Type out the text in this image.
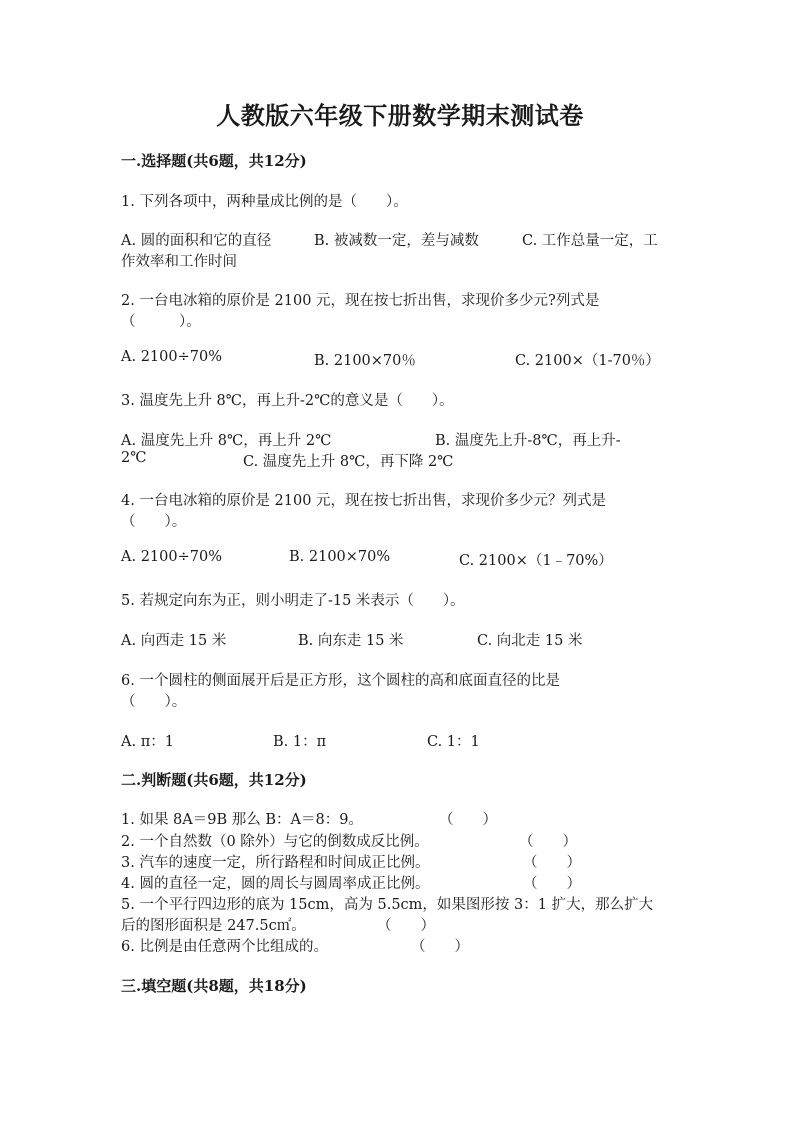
人教版六年级下册数学期末测试卷
一.选择题(共6题，共12分)
1. 下列各项中，两种量成比例的是（　　）。
A. 圆的面积和它的直径	B. 被减数一定，差与减数	C. 工作总量一定，工
作效率和工作时间
2. 一台电冰箱的原价是 2100 元，现在按七折出售，求现价多少元?列式是
（　　　）。
A. 2100÷70%	B. 2100×70％	C. 2100×（1-70％）
3. 温度先上升 8℃，再上升-2℃的意义是（　　）。
A. 温度先上升 8℃，再上升 2℃	B. 温度先上升-8℃，再上升-
2℃	C. 温度先上升 8℃，再下降 2℃
4. 一台电冰箱的原价是 2100 元，现在按七折出售，求现价多少元？列式是
（　　）。
A. 2100÷70%	B. 2100×70%	C. 2100×（1﹣70%）
5. 若规定向东为正，则小明走了-15 米表示（　　）。
A. 向西走 15 米	B. 向东走 15 米	C. 向北走 15 米
6. 一个圆柱的侧面展开后是正方形，这个圆柱的高和底面直径的比是
（　　）。
A. π：1	B. 1：π	C. 1：1
二.判断题(共6题，共12分)
1. 如果 8A＝9B 那么 B：A＝8：9。	（　　）
2. 一个自然数（0 除外）与它的倒数成反比例。	（　　）
3. 汽车的速度一定，所行路程和时间成正比例。	（　　）
4. 圆的直径一定，圆的周长与圆周率成正比例。	（　　）
5. 一个平行四边形的底为 15cm，高为 5.5cm，如果图形按 3：1 扩大，那么扩大
后的图形面积是 247.5c㎡。	（　　）
6. 比例是由任意两个比组成的。	（　　）
三.填空题(共8题，共18分)
